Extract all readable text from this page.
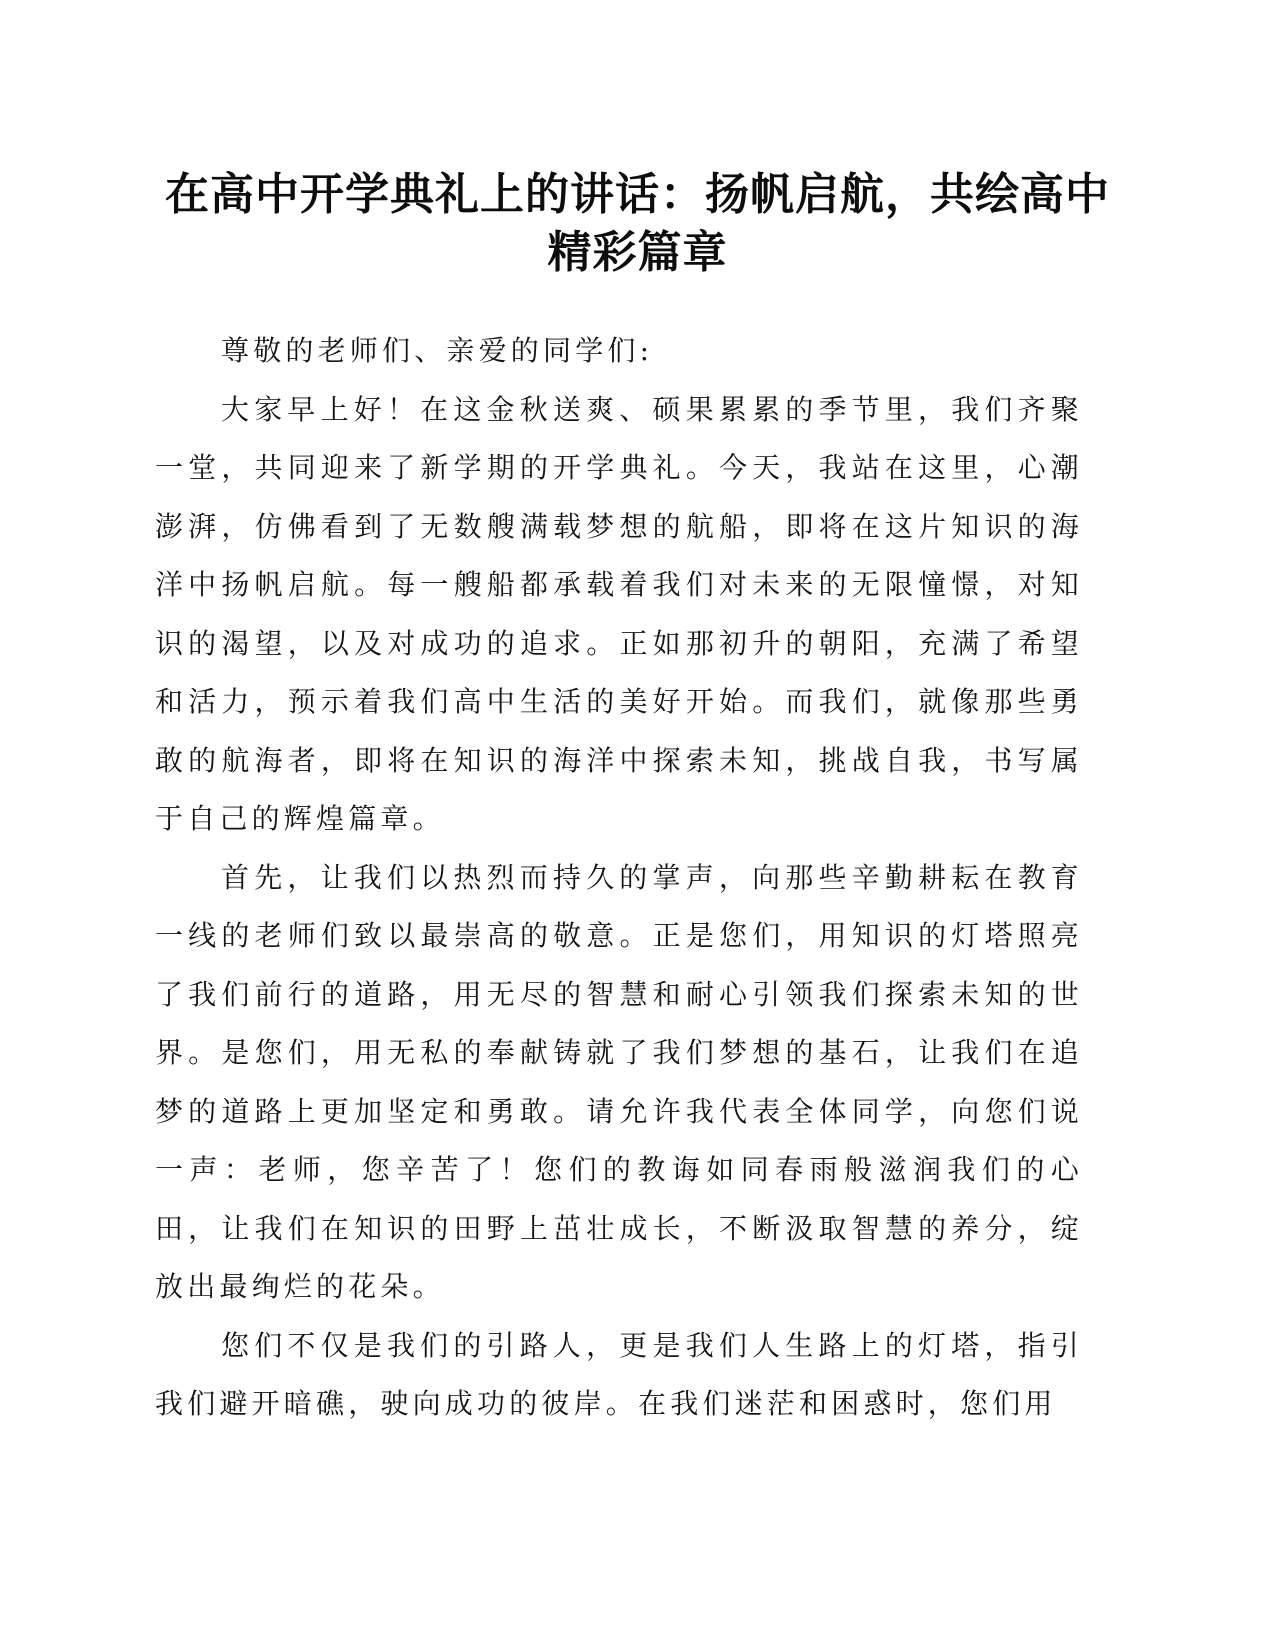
在高中开学典礼上的讲话：扬帆启航，共绘高中精彩篇章

尊敬的老师们、亲爱的同学们:

大家早上好！在这金秋送爽、硕果累累的季节里，我们齐聚一堂，共同迎来了新学期的开学典礼。今天，我站在这里，心潮澎湃，仿佛看到了无数艘满载梦想的航船，即将在这片知识的海洋中扬帆启航。每一艘船都承载着我们对未来的无限憧憬，对知识的渴望，以及对成功的追求。正如那初升的朝阳，充满了希望和活力，预示着我们高中生活的美好开始。而我们，就像那些勇敢的航海者，即将在知识的海洋中探索未知，挑战自我，书写属于自己的辉煌篇章。

首先，让我们以热烈而持久的掌声，向那些辛勤耕耘在教育一线的老师们致以最崇高的敬意。正是您们，用知识的灯塔照亮了我们前行的道路，用无尽的智慧和耐心引领我们探索未知的世界。是您们，用无私的奉献铸就了我们梦想的基石，让我们在追梦的道路上更加坚定和勇敢。请允许我代表全体同学，向您们说一声：老师，您辛苦了！您们的教诲如同春雨般滋润我们的心田，让我们在知识的田野上茁壮成长，不断汲取智慧的养分，绽放出最绚烂的花朵。

您们不仅是我们的引路人，更是我们人生路上的灯塔，指引我们避开暗礁，驶向成功的彼岸。在我们迷茫和困惑时，您们用
